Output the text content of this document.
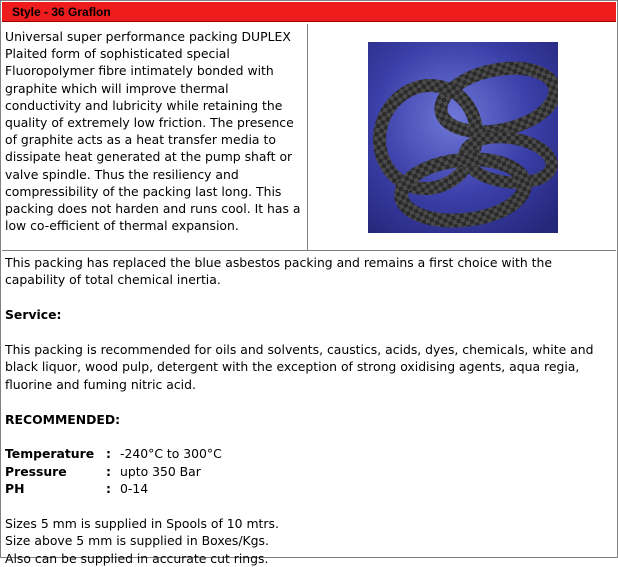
Style - 36 Graflon

Universal super performance packing DUPLEX Plaited form of sophisticated special Fluoropolymer fibre intimately bonded with graphite which will improve thermal conductivity and lubricity while retaining the quality of extremely low friction. The presence of graphite acts as a heat transfer media to dissipate heat generated at the pump shaft or valve spindle. Thus the resiliency and compressibility of the packing last long. This packing does not harden and runs cool. It has a low co-efficient of thermal expansion.

This packing has replaced the blue asbestos packing and remains a first choice with the capability of total chemical inertia.

Service:

This packing is recommended for oils and solvents, caustics, acids, dyes, chemicals, white and black liquor, wood pulp, detergent with the exception of strong oxidising agents, aqua regia, fluorine and fuming nitric acid.

RECOMMENDED:

Temperature : -240°C to 300°C
Pressure	: upto 350 Bar
PH	: 0-14

Sizes 5 mm is supplied in Spools of 10 mtrs.

Size above 5 mm is supplied in Boxes/Kgs.

Also can be supplied in accurate cut rings.
